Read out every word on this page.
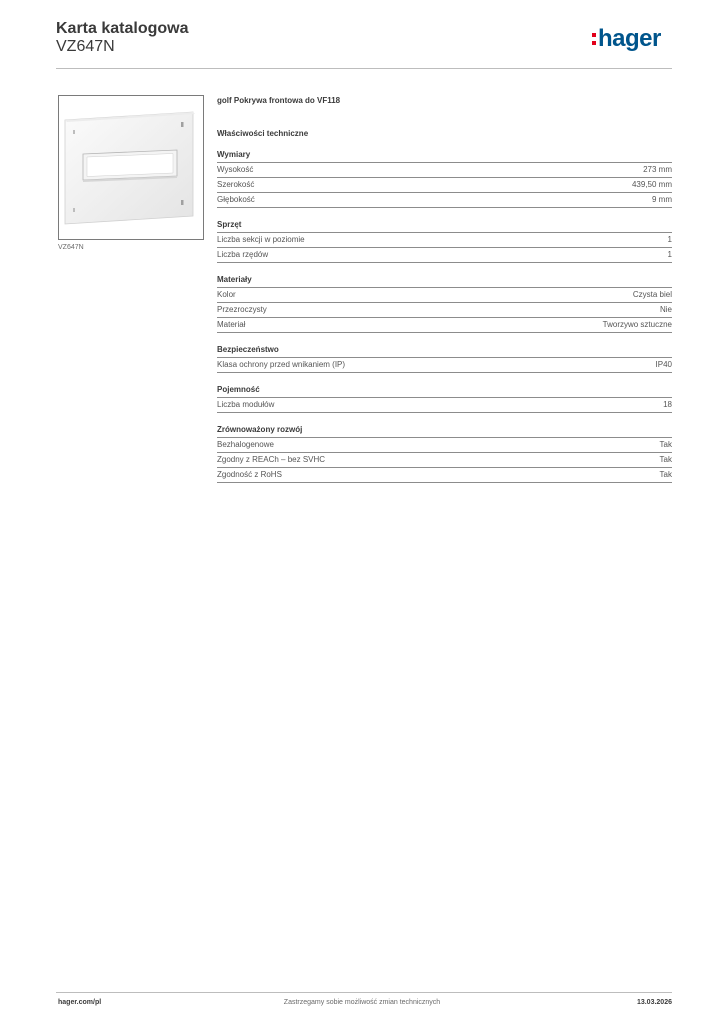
Karta katalogowa
VZ647N	hager
VZ647N
golf Pokrywa frontowa do VF118
Właściwości techniczne
Wymiary
Wysokość	273 mm
Szerokość	439,50 mm
Głębokość	9 mm
Sprzęt
Liczba sekcji w poziomie	1
Liczba rzędów	1
Materiały
Kolor	Czysta biel
Przezroczysty	Nie
Materiał	Tworzywo sztuczne
Bezpieczeństwo
Klasa ochrony przed wnikaniem (IP)	IP40
Pojemność
Liczba modułów	18
Zrównoważony rozwój
Bezhalogenowe	Tak
Zgodny z REACh – bez SVHC	Tak
Zgodność z RoHS	Tak
hager.com/pl	Zastrzegamy sobie możliwość zmian technicznych	13.03.2026
